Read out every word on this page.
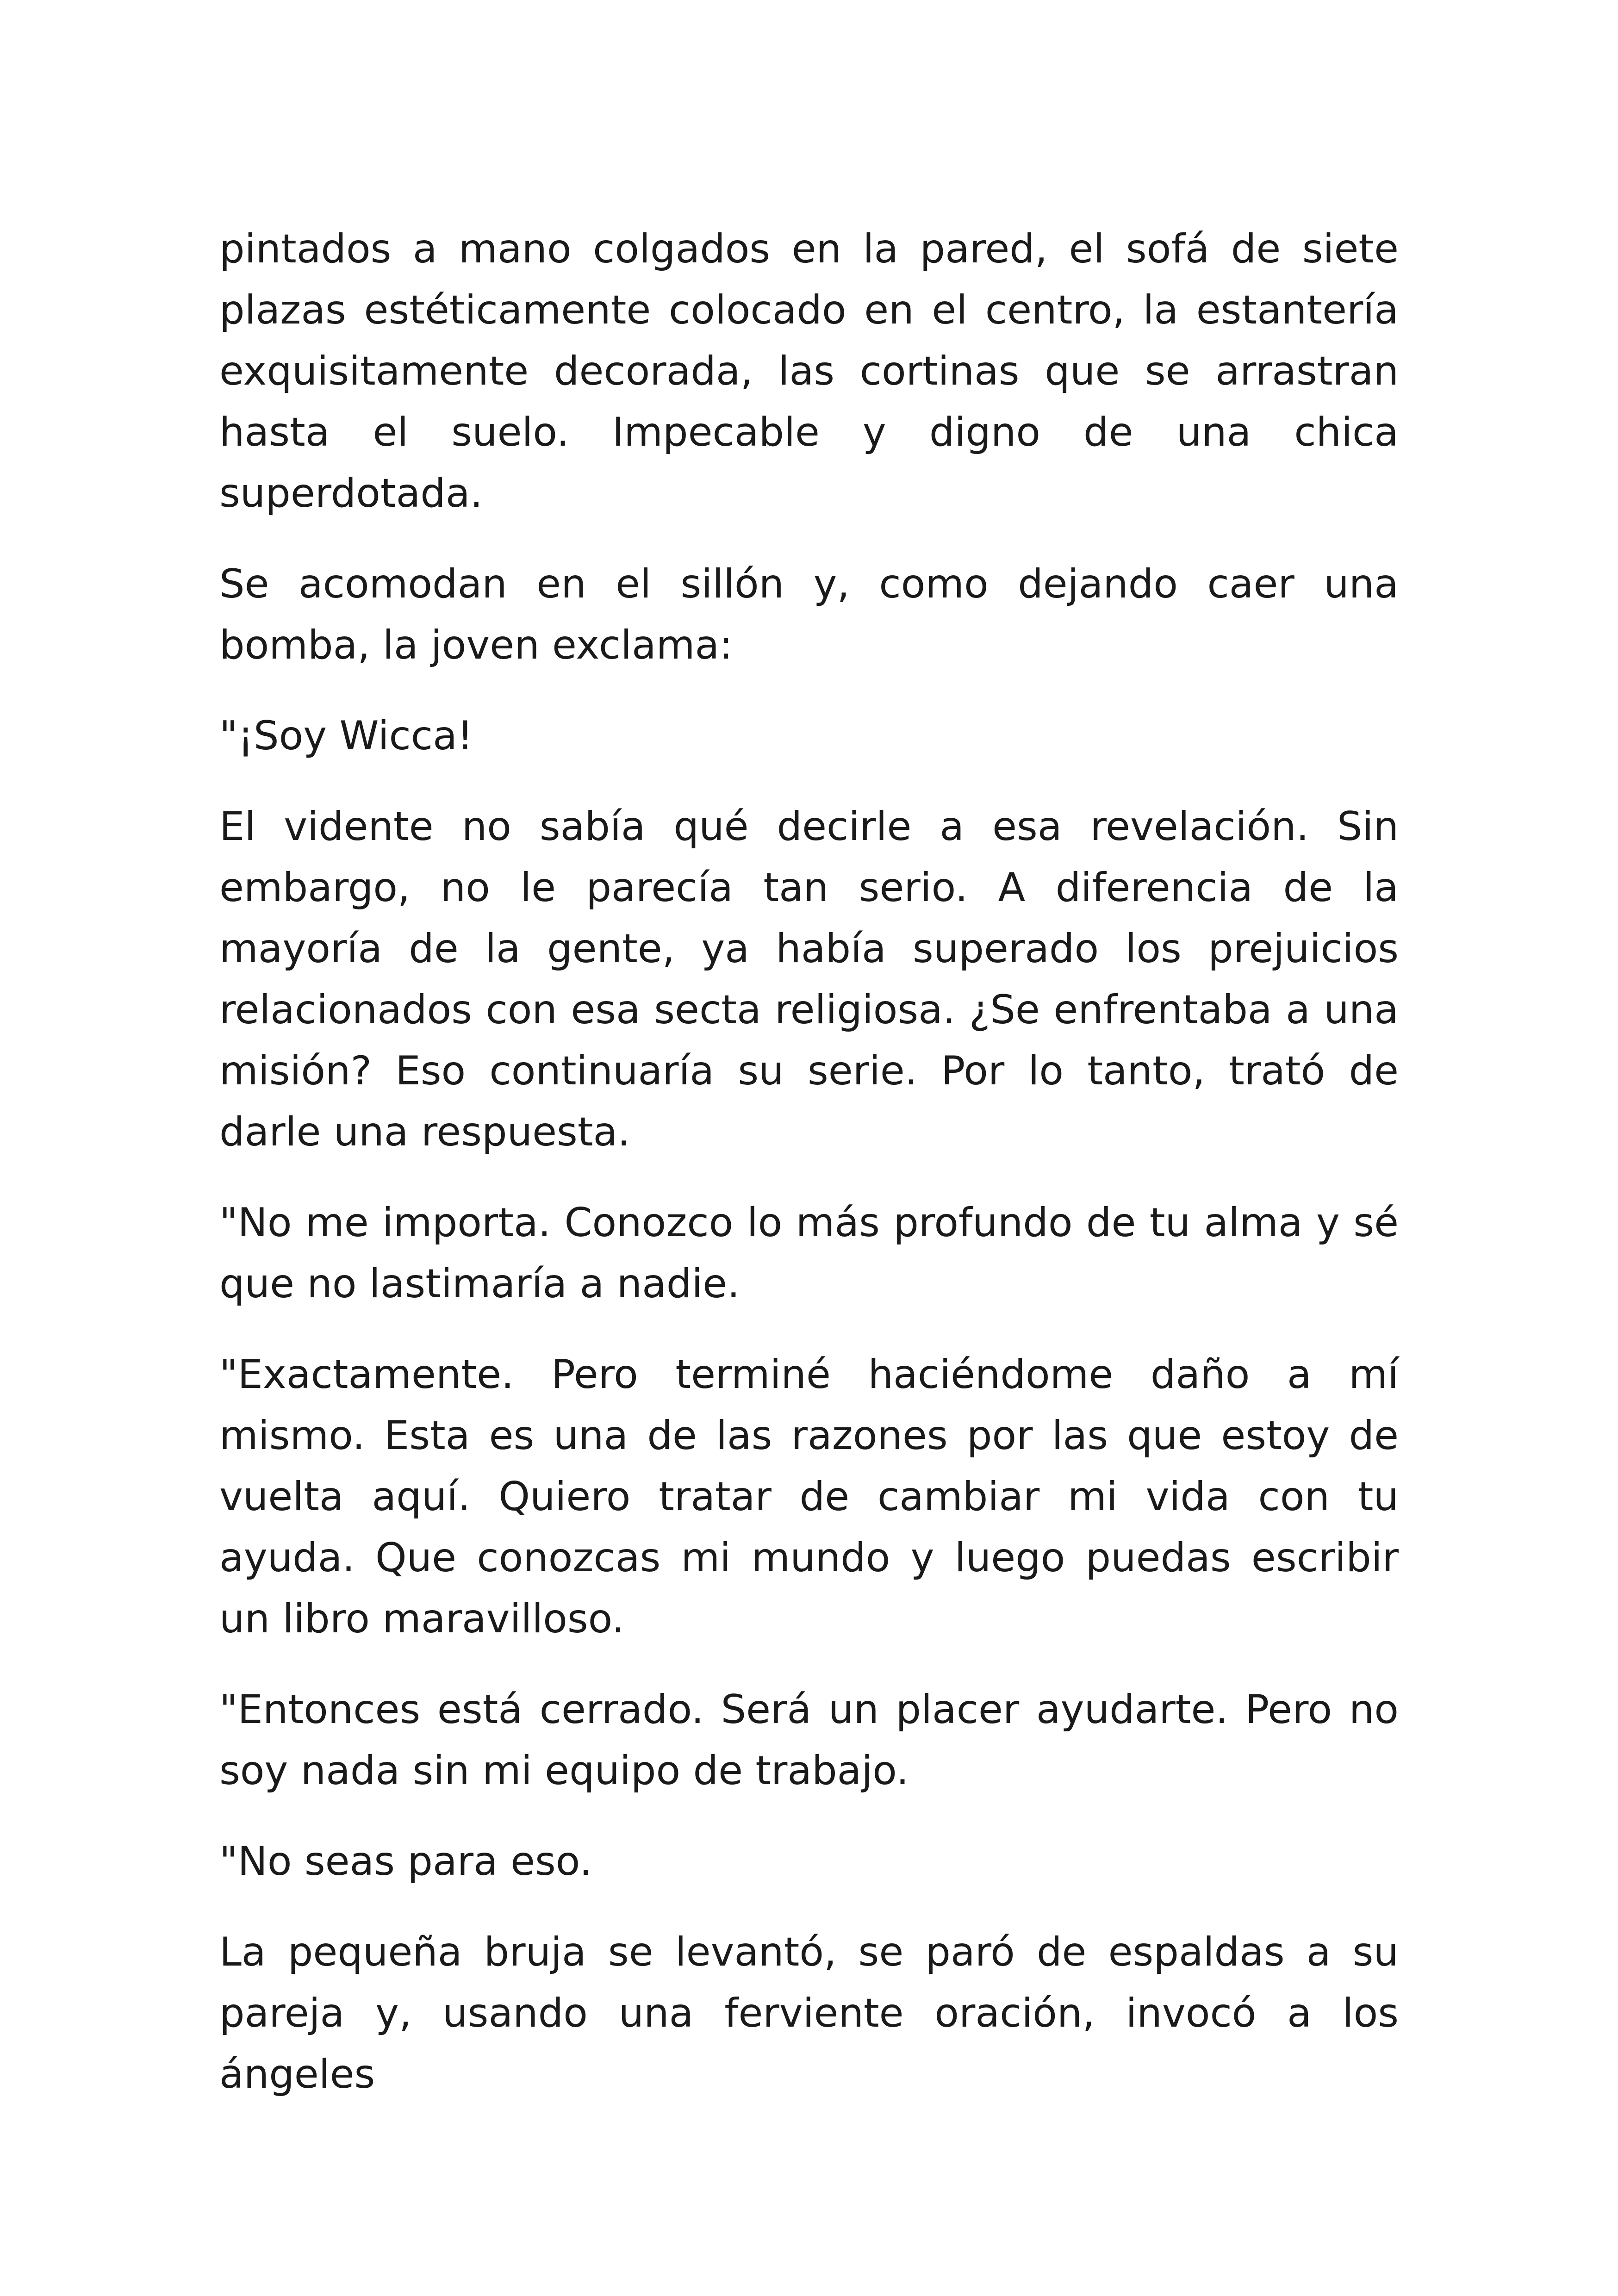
pintados a mano colgados en la pared, el sofá de siete plazas estéticamente colocado en el centro, la estantería exquisitamente decorada, las cortinas que se arrastran hasta el suelo. Impecable y digno de una chica superdotada.

Se acomodan en el sillón y, como dejando caer una bomba, la joven exclama:

"¡Soy Wicca!

El vidente no sabía qué decirle a esa revelación. Sin embargo, no le parecía tan serio. A diferencia de la mayoría de la gente, ya había superado los prejuicios relacionados con esa secta religiosa. ¿Se enfrentaba a una misión? Eso continuaría su serie. Por lo tanto, trató de darle una respuesta.

"No me importa. Conozco lo más profundo de tu alma y sé que no lastimaría a nadie.

"Exactamente. Pero terminé haciéndome daño a mí mismo. Esta es una de las razones por las que estoy de vuelta aquí. Quiero tratar de cambiar mi vida con tu ayuda. Que conozcas mi mundo y luego puedas escribir un libro maravilloso.

"Entonces está cerrado. Será un placer ayudarte. Pero no soy nada sin mi equipo de trabajo.

"No seas para eso.

La pequeña bruja se levantó, se paró de espaldas a su pareja y, usando una ferviente oración, invocó a los ángeles
